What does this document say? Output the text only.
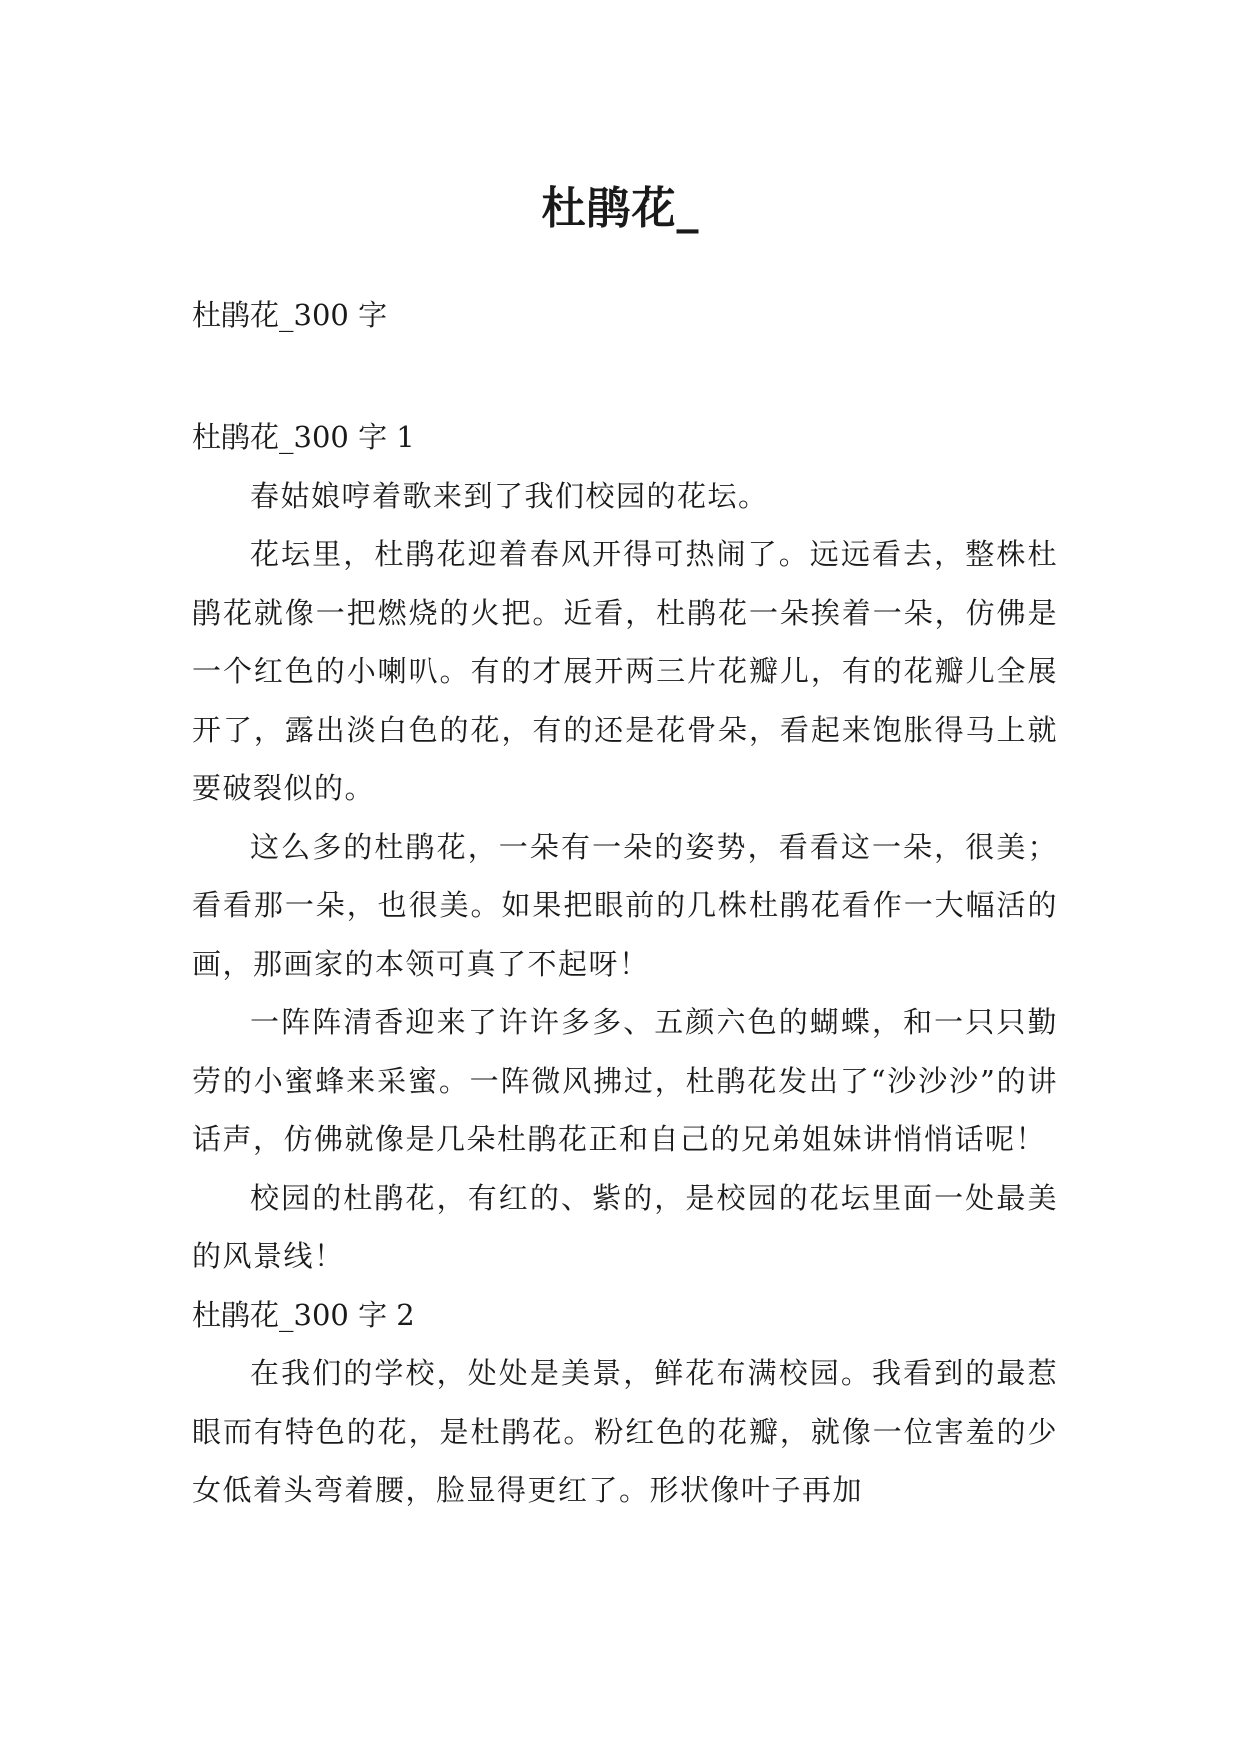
杜鹃花_
杜鹃花_300 字
杜鹃花_300 字 1

春姑娘哼着歌来到了我们校园的花坛。

花坛里，杜鹃花迎着春风开得可热闹了。远远看去，整株杜鹃花就像一把燃烧的火把。近看，杜鹃花一朵挨着一朵，仿佛是一个红色的小喇叭。有的才展开两三片花瓣儿，有的花瓣儿全展开了，露出淡白色的花，有的还是花骨朵，看起来饱胀得马上就要破裂似的。

这么多的杜鹃花，一朵有一朵的姿势，看看这一朵，很美；看看那一朵，也很美。如果把眼前的几株杜鹃花看作一大幅活的画，那画家的本领可真了不起呀！

一阵阵清香迎来了许许多多、五颜六色的蝴蝶，和一只只勤劳的小蜜蜂来采蜜。一阵微风拂过，杜鹃花发出了“沙沙沙”的讲话声，仿佛就像是几朵杜鹃花正和自己的兄弟姐妹讲悄悄话呢！

校园的杜鹃花，有红的、紫的，是校园的花坛里面一处最美的风景线！

杜鹃花_300 字 2

在我们的学校，处处是美景，鲜花布满校园。我看到的最惹眼而有特色的花，是杜鹃花。粉红色的花瓣，就像一位害羞的少女低着头弯着腰，脸显得更红了。形状像叶子再加
